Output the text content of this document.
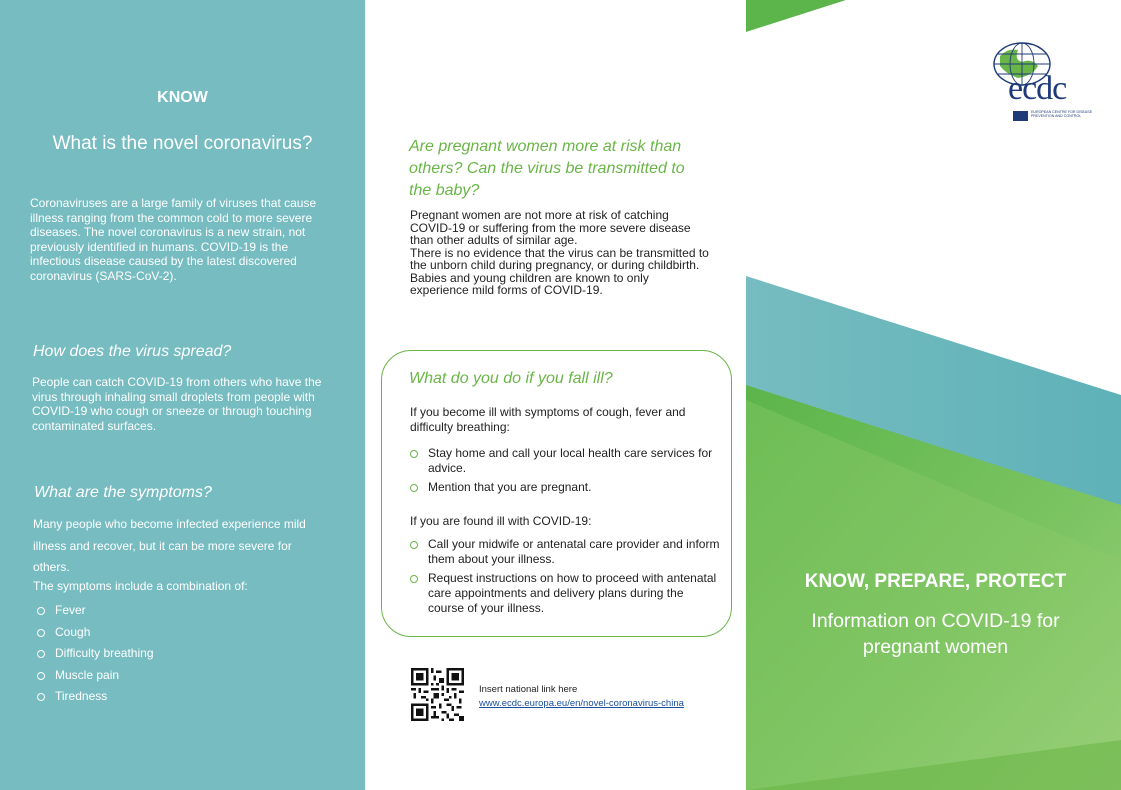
KNOW
What is the novel coronavirus?
Coronaviruses are a large family of viruses that cause illness ranging from the common cold to more severe diseases. The novel coronavirus is a new strain, not previously identified in humans. COVID-19 is the infectious disease caused by the latest discovered coronavirus (SARS-CoV-2).
How does the virus spread?
People can catch COVID-19 from others who have the virus through inhaling small droplets from people with COVID-19 who cough or sneeze or through touching contaminated surfaces.
What are the symptoms?
Many people who become infected experience mild illness and recover, but it can be more severe for others.
The symptoms include a combination of:
Fever
Cough
Difficulty breathing
Muscle pain
Tiredness
Are pregnant women more at risk than others? Can the virus be transmitted to the baby?
Pregnant women are not more at risk of catching COVID-19 or suffering from the more severe disease than other adults of similar age.
There is no evidence that the virus can be transmitted to the unborn child during pregnancy, or during childbirth.
Babies and young children are known to only experience mild forms of COVID-19.
What do you do if you fall ill?
If you become ill with symptoms of cough, fever and difficulty breathing:
Stay home and call your local health care services for advice.
Mention that you are pregnant.
If you are found ill with COVID-19:
Call your midwife or antenatal care provider and inform them about your illness.
Request instructions on how to proceed with antenatal care appointments and delivery plans during the course of your illness.
Insert national link here
www.ecdc.europa.eu/en/novel-coronavirus-china
ecdc
EUROPEAN CENTRE FOR DISEASE PREVENTION AND CONTROL
KNOW, PREPARE, PROTECT
Information on COVID-19 for
pregnant women
